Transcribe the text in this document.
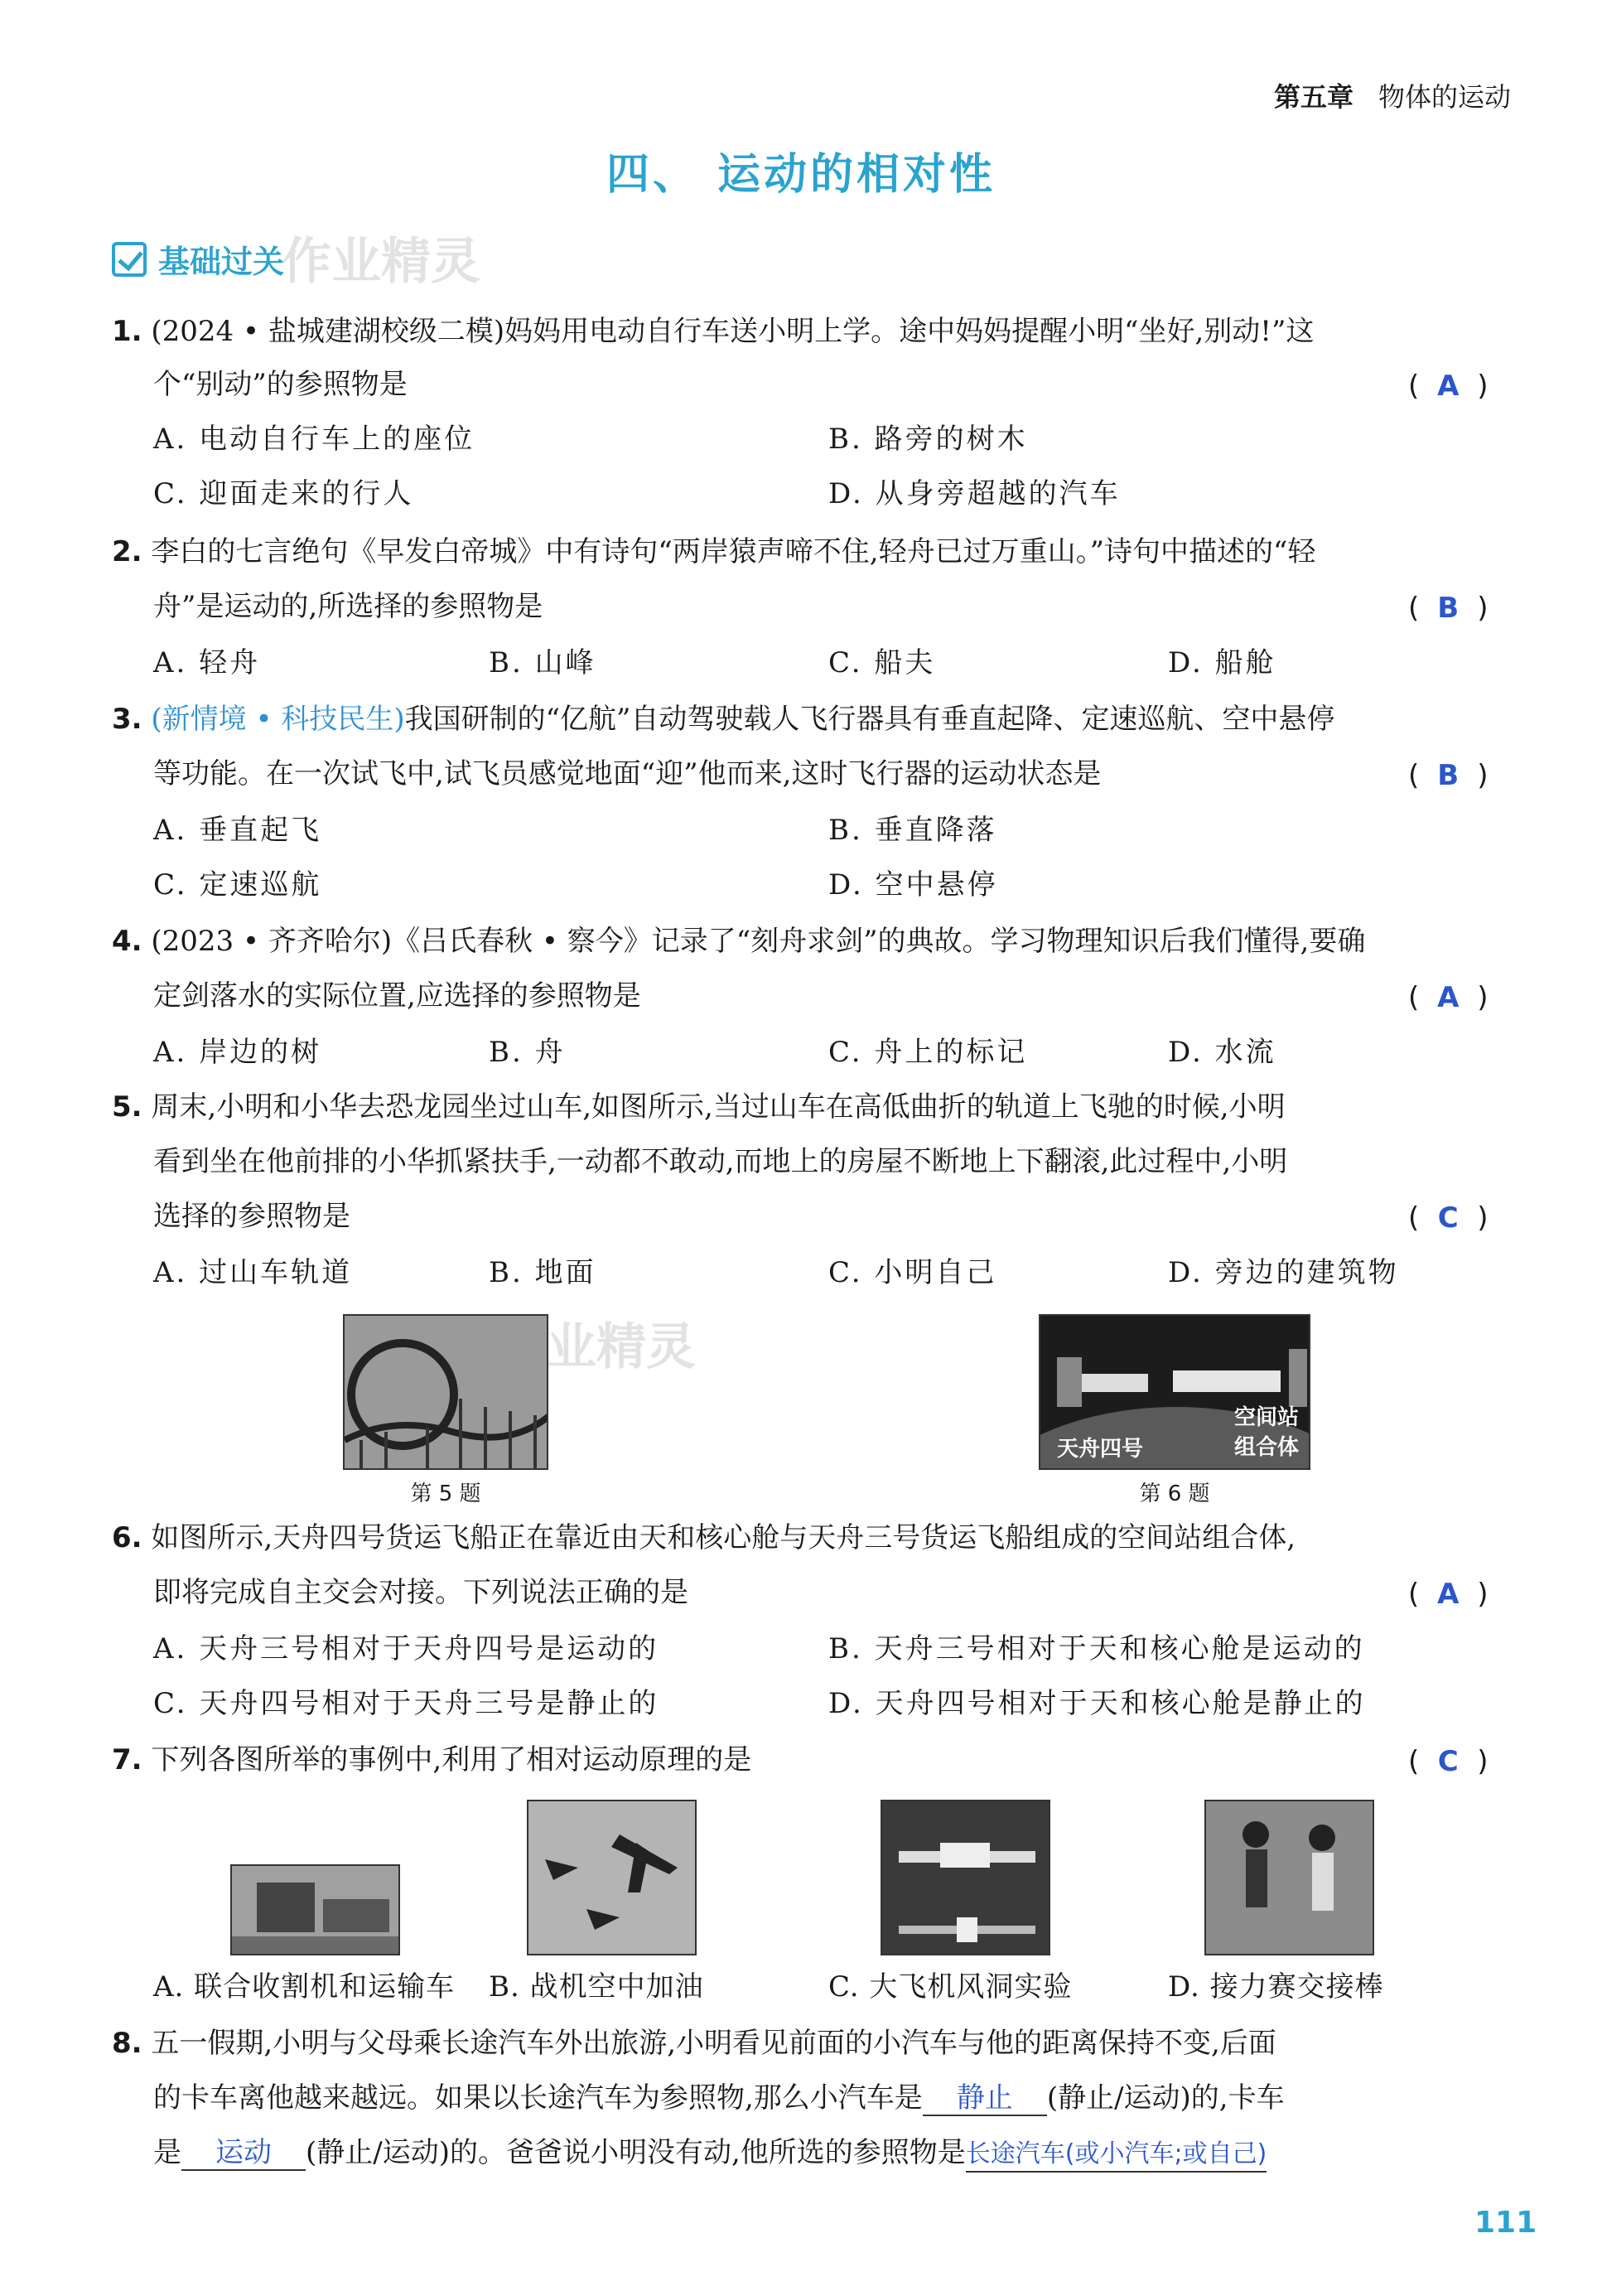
第五章 物体的运动
四、 运动的相对性
基础过关
作业精灵
1. (2024 • 盐城建湖校级二模)妈妈用电动自行车送小明上学。途中妈妈提醒小明“坐好,别动!”这
个“别动”的参照物是	( A )
A. 电动自行车上的座位	B. 路旁的树木
C. 迎面走来的行人	D. 从身旁超越的汽车
2. 李白的七言绝句《早发白帝城》中有诗句“两岸猿声啼不住,轻舟已过万重山。”诗句中描述的“轻
舟”是运动的,所选择的参照物是	( B )
A. 轻舟	B. 山峰	C. 船夫	D. 船舱
3. (新情境 • 科技民生)我国研制的“亿航”自动驾驶载人飞行器具有垂直起降、定速巡航、空中悬停
等功能。在一次试飞中,试飞员感觉地面“迎”他而来,这时飞行器的运动状态是	( B )
A. 垂直起飞	B. 垂直降落
C. 定速巡航	D. 空中悬停
4. (2023 • 齐齐哈尔)《吕氏春秋 • 察今》记录了“刻舟求剑”的典故。学习物理知识后我们懂得,要确
定剑落水的实际位置,应选择的参照物是	( A )
A. 岸边的树	B. 舟	C. 舟上的标记	D. 水流
5. 周末,小明和小华去恐龙园坐过山车,如图所示,当过山车在高低曲折的轨道上飞驰的时候,小明
看到坐在他前排的小华抓紧扶手,一动都不敢动,而地上的房屋不断地上下翻滚,此过程中,小明
选择的参照物是	( C )
A. 过山车轨道	B. 地面	C. 小明自己	D. 旁边的建筑物
作业精灵
第 5 题
天舟四号
空间站
组合体
第 6 题
6. 如图所示,天舟四号货运飞船正在靠近由天和核心舱与天舟三号货运飞船组成的空间站组合体,
即将完成自主交会对接。下列说法正确的是	( A )
A. 天舟三号相对于天舟四号是运动的	B. 天舟三号相对于天和核心舱是运动的
C. 天舟四号相对于天舟三号是静止的	D. 天舟四号相对于天和核心舱是静止的
7. 下列各图所举的事例中,利用了相对运动原理的是	( C )
A. 联合收割机和运输车 B. 战机空中加油	C. 大飞机风洞实验	D. 接力赛交接棒
8. 五一假期,小明与父母乘长途汽车外出旅游,小明看见前面的小汽车与他的距离保持不变,后面
的卡车离他越来越远。如果以长途汽车为参照物,那么小汽车是 静止 (静止/运动)的,卡车
是 运动 (静止/运动)的。爸爸说小明没有动,他所选的参照物是长途汽车(或小汽车;或自己)
111
